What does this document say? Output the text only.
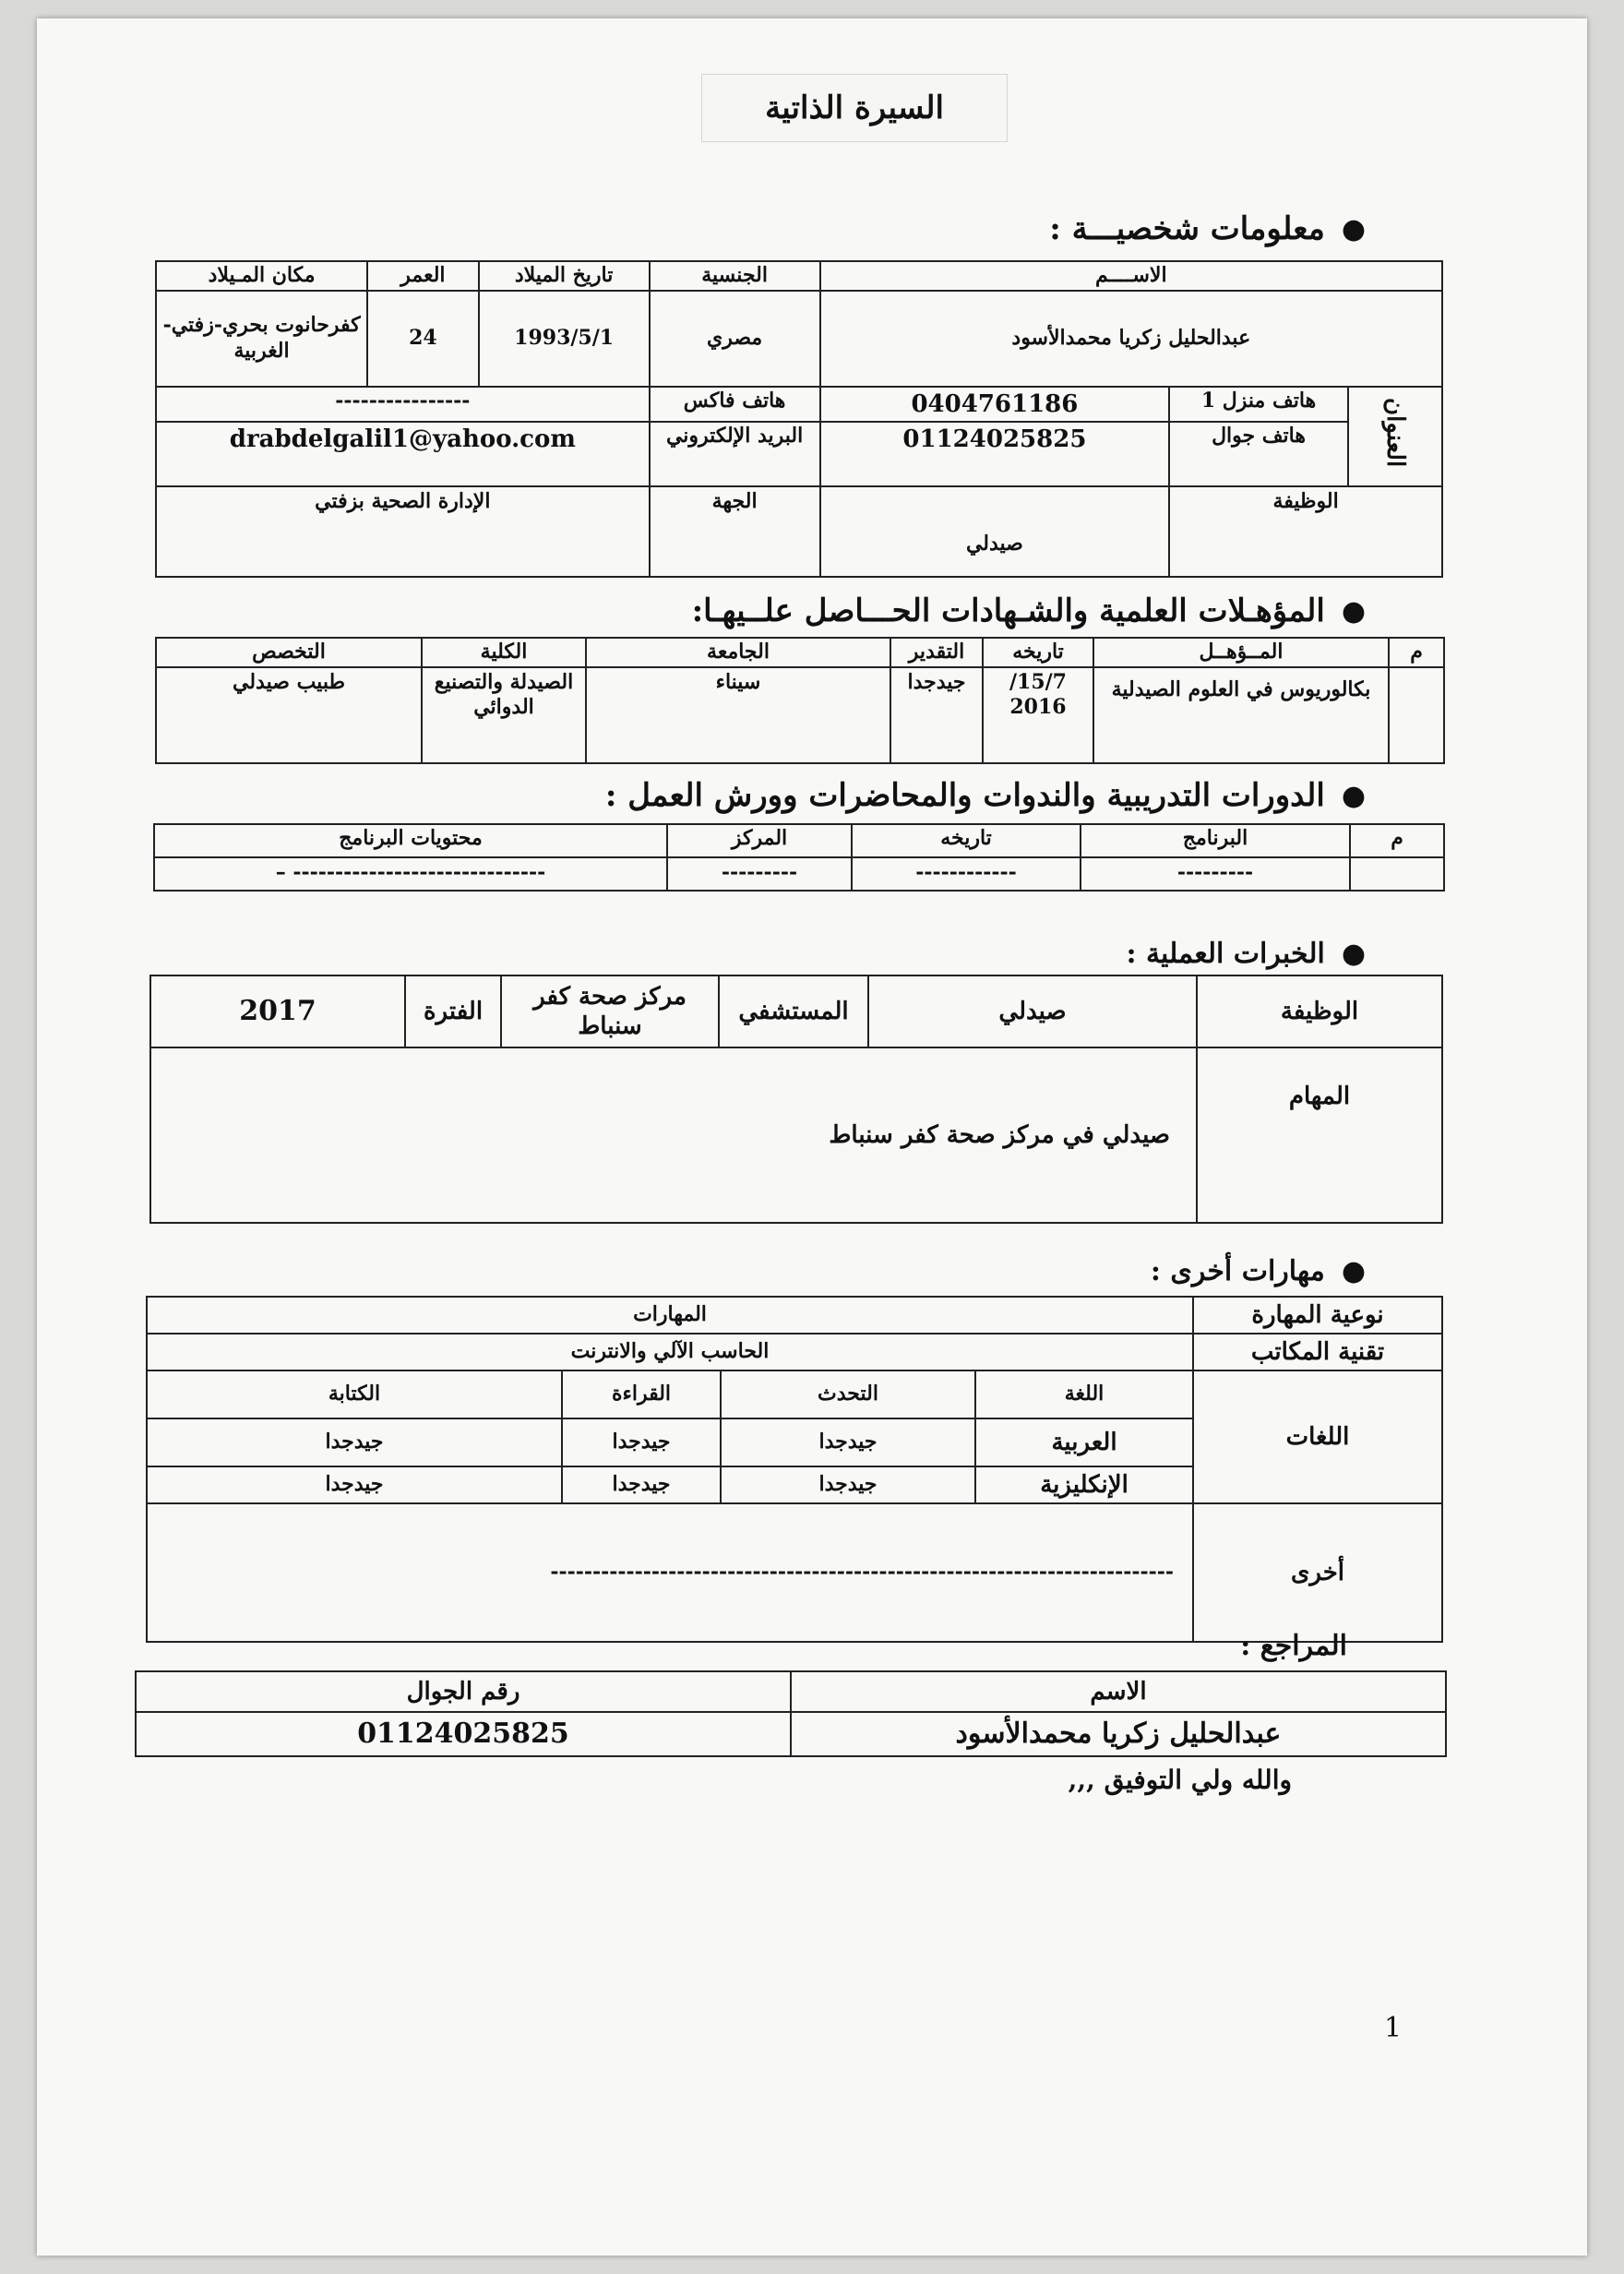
السيرة الذاتية
●
معلومات شخصيـــة :
الاســــم			الجنسية	تاريخ الميلاد	العمر	مكان المـيلاد
عبدالحليل زكريا محمدالأسود			مصري	1993/5/1	24	كفرحانوت بحري-زفتي-الغربية
العنوان	هاتف منزل 1	0404761186	هاتف فاكس	----------------		
	هاتف جوال	01124025825	البريد الإلكتروني	drabdelgalil1@yahoo.com		
الوظيفة		صيدلي	الجهة	الإدارة الصحية بزفتي		
●
المؤهـلات العلمية والشـهادات الحـــاصل علــيهـا:
م	المــؤهــل	تاريخه	التقدير	الجامعة	الكلية	التخصص
	بكالوريوس في العلوم الصيدلية	15/7/ 2016	جيدجدا	سيناء	الصيدلة والتصنيع الدوائي	طبيب صيدلي
●
الدورات التدريبية والندوات والمحاضرات وورش العمل :
م	البرنامج	تاريخه	المركز	محتويات البرنامج
	---------	------------	---------	------------------------------ –
●
الخبرات العملية :
الوظيفة	صيدلي	المستشفي	مركز صحة كفر سنباط	الفترة	2017
المهام	صيدلي في مركز صحة كفر سنباط				
●
مهارات أخرى :
نوعية المهارة	المهارات			
تقنية المكاتب	الحاسب الآلي والانترنت			
اللغات	اللغة	التحدث	القراءة	الكتابة
	العربية	جيدجدا	جيدجدا	جيدجدا
	الإنكليزية	جيدجدا	جيدجدا	جيدجدا
أخرى	--------------------------------------------------------------------------			
المراجع :
الاسم	رقم الجوال
عبدالحليل زكريا محمدالأسود	01124025825
والله ولي التوفيق ,,,
1
